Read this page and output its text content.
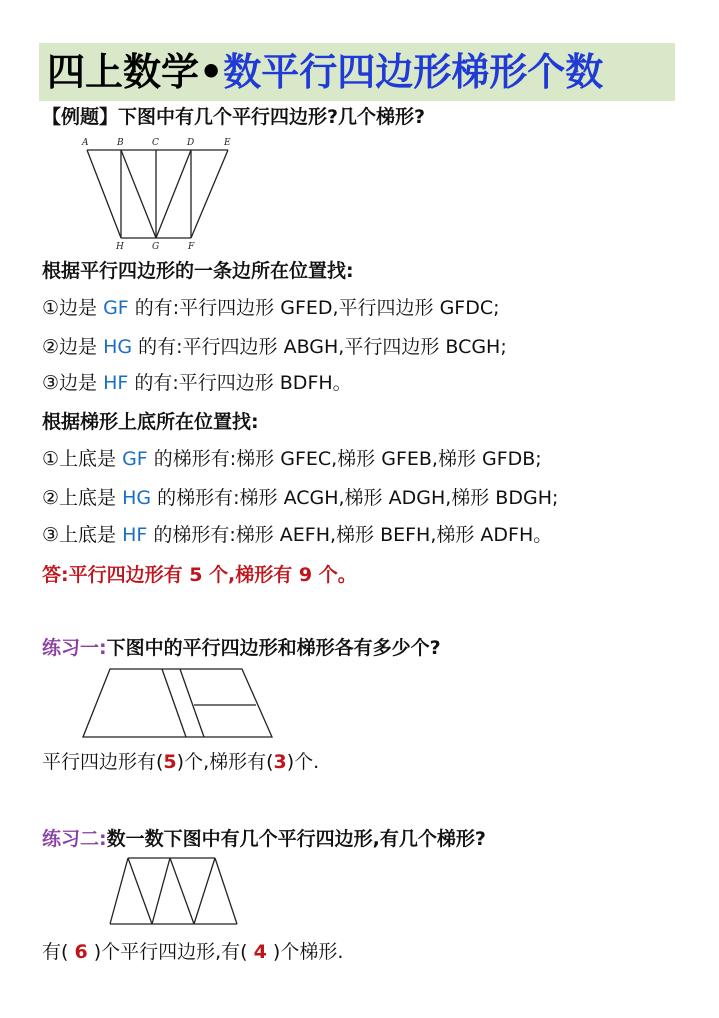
四上数学• 数平行四边形梯形个数
【例题】下图中有几个平行四边形?几个梯形?
A	B	C	D	E
H	G	F
根据平行四边形的一条边所在位置找:
①边是 GF 的有:平行四边形 GFED,平行四边形 GFDC;
②边是 HG 的有:平行四边形 ABGH,平行四边形 BCGH;
③边是 HF 的有:平行四边形 BDFH。
根据梯形上底所在位置找:
①上底是 GF 的梯形有:梯形 GFEC,梯形 GFEB,梯形 GFDB;
②上底是 HG 的梯形有:梯形 ACGH,梯形 ADGH,梯形 BDGH;
③上底是 HF 的梯形有:梯形 AEFH,梯形 BEFH,梯形 ADFH。
答:平行四边形有 5 个,梯形有 9 个。
练习一:下图中的平行四边形和梯形各有多少个?
平行四边形有(5)个,梯形有(3)个.
练习二:数一数下图中有几个平行四边形,有几个梯形?
有( 6 )个平行四边形,有( 4 )个梯形.
